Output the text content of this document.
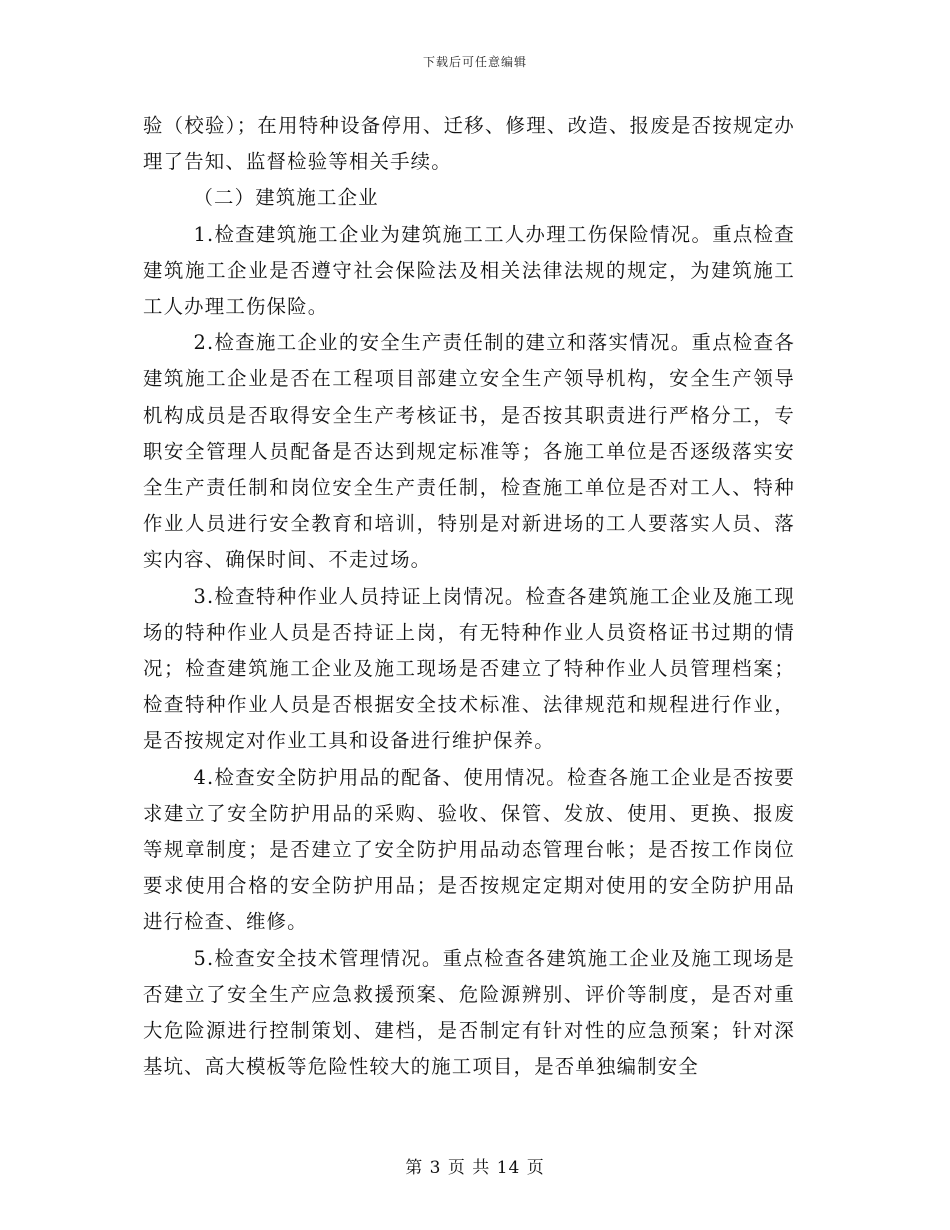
下载后可任意编辑

验（校验）；在用特种设备停用、迁移、修理、改造、报废是否按规定办理了告知、监督检验等相关手续。

（二）建筑施工企业

1.检查建筑施工企业为建筑施工工人办理工伤保险情况。重点检查建筑施工企业是否遵守社会保险法及相关法律法规的规定，为建筑施工工人办理工伤保险。

2.检查施工企业的安全生产责任制的建立和落实情况。重点检查各建筑施工企业是否在工程项目部建立安全生产领导机构，安全生产领导机构成员是否取得安全生产考核证书，是否按其职责进行严格分工，专职安全管理人员配备是否达到规定标准等；各施工单位是否逐级落实安全生产责任制和岗位安全生产责任制，检查施工单位是否对工人、特种作业人员进行安全教育和培训，特别是对新进场的工人要落实人员、落实内容、确保时间、不走过场。

3.检查特种作业人员持证上岗情况。检查各建筑施工企业及施工现场的特种作业人员是否持证上岗，有无特种作业人员资格证书过期的情况；检查建筑施工企业及施工现场是否建立了特种作业人员管理档案；检查特种作业人员是否根据安全技术标准、法律规范和规程进行作业，是否按规定对作业工具和设备进行维护保养。

4.检查安全防护用品的配备、使用情况。检查各施工企业是否按要求建立了安全防护用品的采购、验收、保管、发放、使用、更换、报废等规章制度；是否建立了安全防护用品动态管理台帐；是否按工作岗位要求使用合格的安全防护用品；是否按规定定期对使用的安全防护用品进行检查、维修。

5.检查安全技术管理情况。重点检查各建筑施工企业及施工现场是否建立了安全生产应急救援预案、危险源辨别、评价等制度，是否对重大危险源进行控制策划、建档，是否制定有针对性的应急预案；针对深基坑、高大模板等危险性较大的施工项目，是否单独编制安全

第 3 页 共 14 页
